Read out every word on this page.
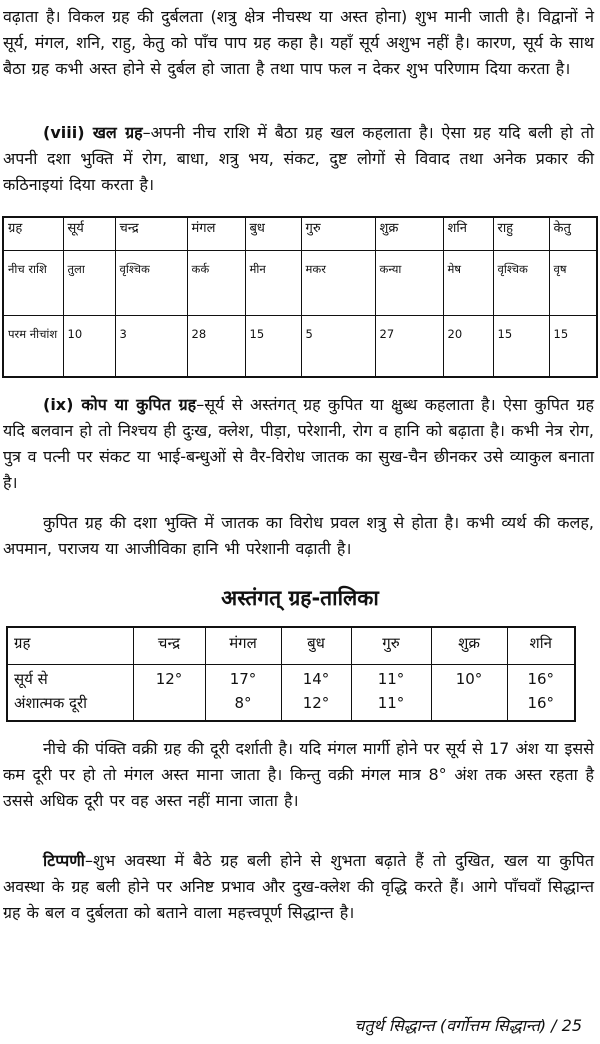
वढ़ाता है। विकल ग्रह की दुर्बलता (शत्रु क्षेत्र नीचस्थ या अस्त होना) शुभ मानी जाती है। विद्वानों ने सूर्य, मंगल, शनि, राहु, केतु को पाँच पाप ग्रह कहा है। यहाँ सूर्य अशुभ नहीं है। कारण, सूर्य के साथ बैठा ग्रह कभी अस्त होने से दुर्बल हो जाता है तथा पाप फल न देकर शुभ परिणाम दिया करता है।

(viii) खल ग्रह–अपनी नीच राशि में बैठा ग्रह खल कहलाता है। ऐसा ग्रह यदि बली हो तो अपनी दशा भुक्ति में रोग, बाधा, शत्रु भय, संकट, दुष्ट लोगों से विवाद तथा अनेक प्रकार की कठिनाइयां दिया करता है।

ग्रह	सूर्य	चन्द्र	मंगल	बुध	गुरु	शुक्र	शनि	राहु	केतु
नीच राशि	तुला	वृश्चिक	कर्क	मीन	मकर	कन्या	मेष	वृश्चिक	वृष
परम नीचांश	10	3	28	15	5	27	20	15	15

(ix) कोप या कुपित ग्रह–सूर्य से अस्तंगत् ग्रह कुपित या क्षुब्ध कहलाता है। ऐसा कुपित ग्रह यदि बलवान हो तो निश्चय ही दुःख, क्लेश, पीड़ा, परेशानी, रोग व हानि को बढ़ाता है। कभी नेत्र रोग, पुत्र व पत्नी पर संकट या भाई-बन्धुओं से वैर-विरोध जातक का सुख-चैन छीनकर उसे व्याकुल बनाता है।

कुपित ग्रह की दशा भुक्ति में जातक का विरोध प्रवल शत्रु से होता है। कभी व्यर्थ की कलह, अपमान, पराजय या आजीविका हानि भी परेशानी वढ़ाती है।

अस्तंगत् ग्रह-तालिका
ग्रह	चन्द्र	मंगल	बुध	गुरु	शुक्र	शनि
सूर्य से	12°	17°	14°	11°	10°	16°
अंशात्मक दूरी		8°	12°	11°		16°

नीचे की पंक्ति वक्री ग्रह की दूरी दर्शाती है। यदि मंगल मार्गी होने पर सूर्य से 17 अंश या इससे कम दूरी पर हो तो मंगल अस्त माना जाता है। किन्तु वक्री मंगल मात्र 8° अंश तक अस्त रहता है उससे अधिक दूरी पर वह अस्त नहीं माना जाता है।

टिप्पणी–शुभ अवस्था में बैठे ग्रह बली होने से शुभता बढ़ाते हैं तो दुखित, खल या कुपित अवस्था के ग्रह बली होने पर अनिष्ट प्रभाव और दुख-क्लेश की वृद्धि करते हैं। आगे पाँचवाँ सिद्धान्त ग्रह के बल व दुर्बलता को बताने वाला महत्त्वपूर्ण सिद्धान्त है।

चतुर्थ सिद्धान्त (वर्गोत्तम सिद्धान्त) / 25
